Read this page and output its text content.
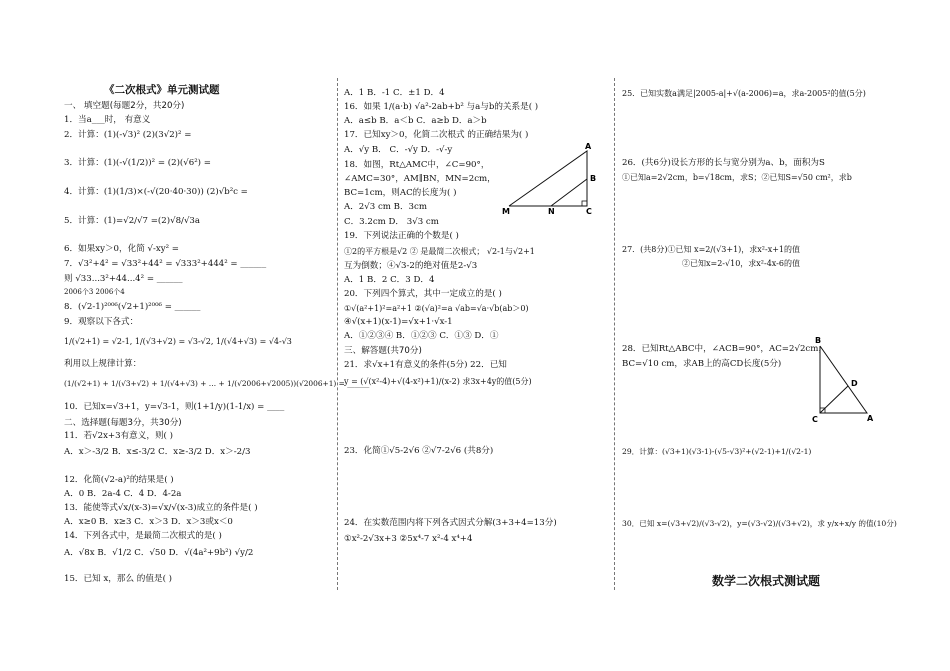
《二次根式》单元测试题
一、 填空题(每题2分，共20分)
1．当a___时， 有意义
2．计算：(1)(-√3)² (2)(3√2)² =
3．计算：(1)(-√(1/2))² = (2)(√6²) =
4．计算：(1)(1/3)×(-√(20·40·30)) (2)√b²c =
5．计算：(1)=√2/√7 =(2)√8/√3a
6．如果xy＞0，化简 √-xy² =
7．√3²+4² = √33²+44² = √333²+444² = ______
则 √33...3²+44...4² = ______
2006个3 2006个4
8．(√2-1)²⁰⁰⁶(√2+1)²⁰⁰⁶ = ______
9．观察以下各式：
1/(√2+1) = √2-1, 1/(√3+√2) = √3-√2, 1/(√4+√3) = √4-√3
利用以上规律计算：
(1/(√2+1) + 1/(√3+√2) + 1/(√4+√3) + … + 1/(√2006+√2005))(√2006+1) = ______
10．已知x=√3+1，y=√3-1，则(1+1/y)(1-1/x) = ____
二、选择题(每题3分，共30分)
11．若√2x+3有意义，则( )
A．x＞-3/2 B．x≤-3/2 C．x≥-3/2 D．x＞-2/3
12．化简(√2-a)²的结果是( )
A．0 B．2a-4 C．4 D．4-2a
13．能使等式√x/(x-3)=√x/√(x-3)成立的条件是( )
A．x≥0 B．x≥3 C．x＞3 D．x＞3或x＜0
14．下列各式中，是最简二次根式的是( )
A．√8x B．√1/2 C．√50 D．√(4a²+9b²) √y/2
15．已知 x，那么 的值是( )
A．1 B．-1 C．±1 D．4
16．如果 1/(a·b) √a²-2ab+b² 与a与b的关系是( )
A．a≤b B．a＜b C．a≥b D．a＞b
17．已知xy＞0，化简二次根式 的正确结果为( )
A．√y B． C．-√y D．-√-y
18．如图，Rt△AMC中，∠C=90°，
∠AMC=30°，AM∥BN，MN=2cm，
BC=1cm，则AC的长度为( )
A．2√3 cm B．3cm
C．3.2cm D． 3√3 cm
19．下列说法正确的个数是( )
①2的平方根是√2 ② 是最简二次根式； √2-1与√2+1
互为倒数；④√3-2的绝对值是2-√3
A．1 B．2 C．3 D．4
20．下列四个算式，其中一定成立的是( )
①√(a²+1)²=a²+1 ②(√a)²=a √ab=√a·√b(ab＞0)
④√(x+1)(x-1)=√x+1·√x-1
A．①②③④ B．①②③ C．①③ D．①
三、解答题(共70分)
21．求√x+1有意义的条件(5分) 22．已知
y = (√(x²-4)+√(4-x²)+1)/(x-2) 求3x+4y的值(5分)
23．化简①√5-2√6 ②√7-2√6 (共8分)
24．在实数范围内将下列各式因式分解(3+3+4=13分)
①x²-2√3x+3 ②5x⁴-7 x²-4 x⁴+4
A
B
M	N	C
25．已知实数a满足|2005-a|+√(a-2006)=a，求a-2005²的值(5分)
26．(共6分)设长方形的长与宽分别为a、b，面积为S
①已知a=2√2cm，b=√18cm，求S；②已知S=√50 cm²，求b
27．(共8分)①已知 x=2/(√3+1)，求x²-x+1的值
②已知x=2-√10，求x²-4x-6的值
28．已知Rt△ABC中，∠ACB=90°，AC=2√2cm，
BC=√10 cm，求AB上的高CD长度(5分)
29．计算：(√3+1)(√3-1)-(√5-√3)²+(√2-1)+1/(√2-1)
30．已知 x=(√3+√2)/(√3-√2)，y=(√3-√2)/(√3+√2)，求 y/x+x/y 的值(10分)
B
D
C	A
数学二次根式测试题
